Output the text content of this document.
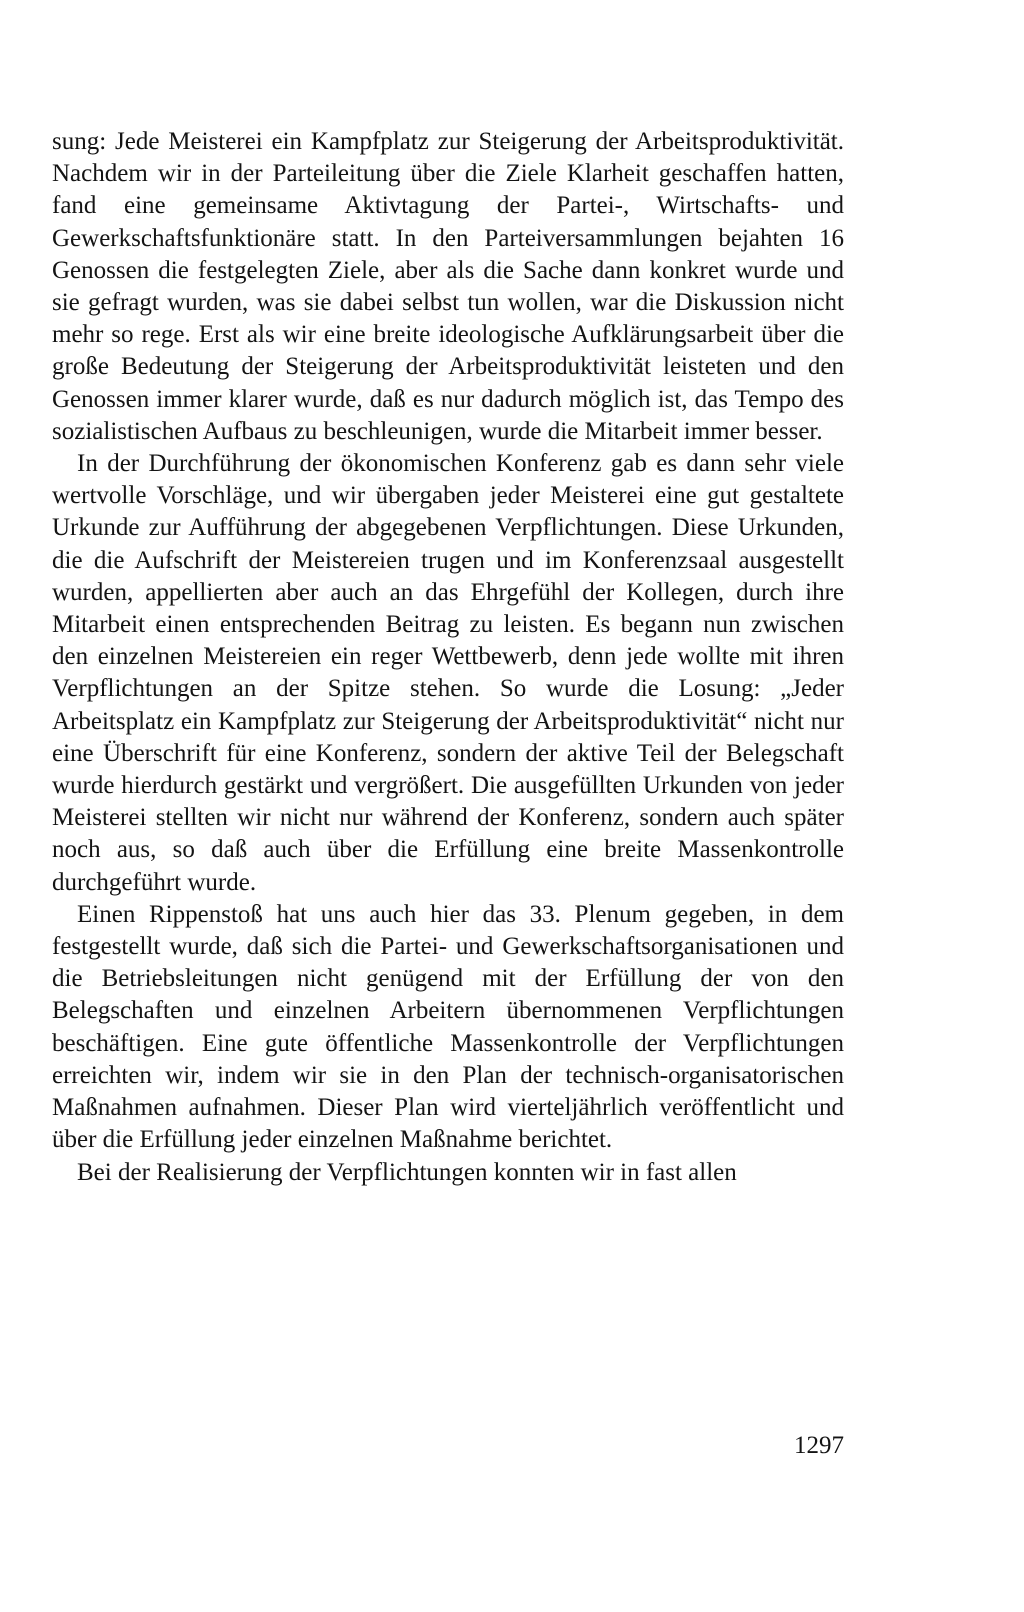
sung: Jede Meisterei ein Kampfplatz zur Steigerung der Arbeitsproduktivität. Nachdem wir in der Parteileitung über die Ziele Klarheit geschaffen hatten, fand eine gemeinsame Aktivtagung der Partei-, Wirtschafts- und Gewerkschaftsfunktionäre statt. In den Parteiversammlungen bejahten 16 Genossen die festgelegten Ziele, aber als die Sache dann konkret wurde und sie gefragt wurden, was sie dabei selbst tun wollen, war die Diskussion nicht mehr so rege. Erst als wir eine breite ideologische Aufklärungsarbeit über die große Bedeutung der Steigerung der Arbeitsproduktivität leisteten und den Genossen immer klarer wurde, daß es nur dadurch möglich ist, das Tempo des sozialistischen Aufbaus zu beschleunigen, wurde die Mitarbeit immer besser.

In der Durchführung der ökonomischen Konferenz gab es dann sehr viele wertvolle Vorschläge, und wir übergaben jeder Meisterei eine gut gestaltete Urkunde zur Aufführung der abgegebenen Verpflichtungen. Diese Urkunden, die die Aufschrift der Meistereien trugen und im Konferenzsaal ausgestellt wurden, appellierten aber auch an das Ehrgefühl der Kollegen, durch ihre Mitarbeit einen entsprechenden Beitrag zu leisten. Es begann nun zwischen den einzelnen Meistereien ein reger Wettbewerb, denn jede wollte mit ihren Verpflichtungen an der Spitze stehen. So wurde die Losung: „Jeder Arbeitsplatz ein Kampfplatz zur Steigerung der Arbeitsproduktivität“ nicht nur eine Überschrift für eine Konferenz, sondern der aktive Teil der Belegschaft wurde hierdurch gestärkt und vergrößert. Die ausgefüllten Urkunden von jeder Meisterei stellten wir nicht nur während der Konferenz, sondern auch später noch aus, so daß auch über die Erfüllung eine breite Massenkontrolle durchgeführt wurde.

Einen Rippenstoß hat uns auch hier das 33. Plenum gegeben, in dem festgestellt wurde, daß sich die Partei- und Gewerkschaftsorganisationen und die Betriebsleitungen nicht genügend mit der Erfüllung der von den Belegschaften und einzelnen Arbeitern übernommenen Verpflichtungen beschäftigen. Eine gute öffentliche Massenkontrolle der Verpflichtungen erreichten wir, indem wir sie in den Plan der technisch-organisatorischen Maßnahmen aufnahmen. Dieser Plan wird vierteljährlich veröffentlicht und über die Erfüllung jeder einzelnen Maßnahme berichtet.

Bei der Realisierung der Verpflichtungen konnten wir in fast allen

1297
